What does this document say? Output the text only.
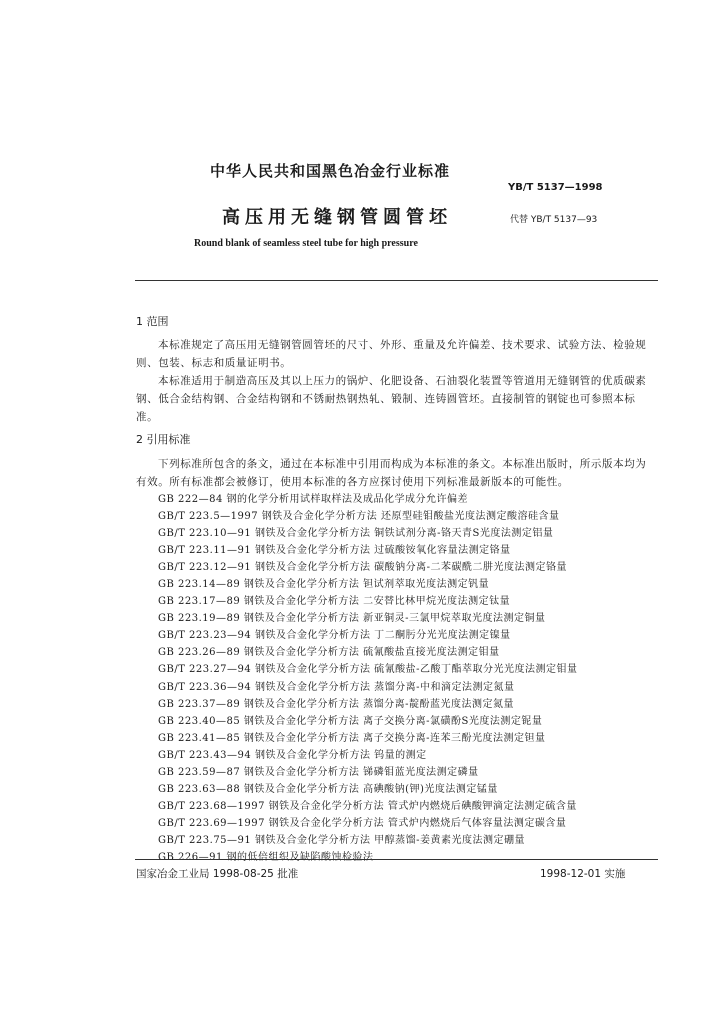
中华人民共和国黑色冶金行业标准
YB/T 5137—1998
高压用无缝钢管圆管坯	代替 YB/T 5137—93
Round blank of seamless steel tube for high pressure
1 范围
本标准规定了高压用无缝钢管圆管坯的尺寸、外形、重量及允许偏差、技术要求、试验方法、检验规则、包装、标志和质量证明书。
本标准适用于制造高压及其以上压力的锅炉、化肥设备、石油裂化装置等管道用无缝钢管的优质碳素钢、低合金结构钢、合金结构钢和不锈耐热钢热轧、锻制、连铸圆管坯。直接制管的钢锭也可参照本标准。
2 引用标准
下列标准所包含的条文，通过在本标准中引用而构成为本标准的条文。本标准出版时，所示版本均为有效。所有标准都会被修订，使用本标准的各方应探讨使用下列标准最新版本的可能性。
GB 222—84 钢的化学分析用试样取样法及成品化学成分允许偏差
GB/T 223.5—1997 钢铁及合金化学分析方法 还原型硅钼酸盐光度法测定酸溶硅含量
GB/T 223.10—91 钢铁及合金化学分析方法 铜铁试剂分离-铬天青S光度法测定铝量
GB/T 223.11—91 钢铁及合金化学分析方法 过硫酸铵氧化容量法测定铬量
GB/T 223.12—91 钢铁及合金化学分析方法 碳酸钠分离-二苯碳酰二肼光度法测定铬量
GB 223.14—89 钢铁及合金化学分析方法 钽试剂萃取光度法测定钒量
GB 223.17—89 钢铁及合金化学分析方法 二安替比林甲烷光度法测定钛量
GB 223.19—89 钢铁及合金化学分析方法 新亚铜灵-三氯甲烷萃取光度法测定铜量
GB/T 223.23—94 钢铁及合金化学分析方法 丁二酮肟分光光度法测定镍量
GB 223.26—89 钢铁及合金化学分析方法 硫氰酸盐直接光度法测定钼量
GB/T 223.27—94 钢铁及合金化学分析方法 硫氰酸盐-乙酸丁酯萃取分光光度法测定钼量
GB/T 223.36—94 钢铁及合金化学分析方法 蒸馏分离-中和滴定法测定氮量
GB 223.37—89 钢铁及合金化学分析方法 蒸馏分离-靛酚蓝光度法测定氮量
GB 223.40—85 钢铁及合金化学分析方法 离子交换分离-氯磺酚S光度法测定铌量
GB 223.41—85 钢铁及合金化学分析方法 离子交换分离-连苯三酚光度法测定钽量
GB/T 223.43—94 钢铁及合金化学分析方法 钨量的测定
GB 223.59—87 钢铁及合金化学分析方法 锑磷钼蓝光度法测定磷量
GB 223.63—88 钢铁及合金化学分析方法 高碘酸钠(钾)光度法测定锰量
GB/T 223.68—1997 钢铁及合金化学分析方法 管式炉内燃烧后碘酸钾滴定法测定硫含量
GB/T 223.69—1997 钢铁及合金化学分析方法 管式炉内燃烧后气体容量法测定碳含量
GB/T 223.75—91 钢铁及合金化学分析方法 甲醇蒸馏-姜黄素光度法测定硼量
GB 226—91 钢的低倍组织及缺陷酸蚀检验法
国家冶金工业局 1998-08-25 批准	1998-12-01 实施
